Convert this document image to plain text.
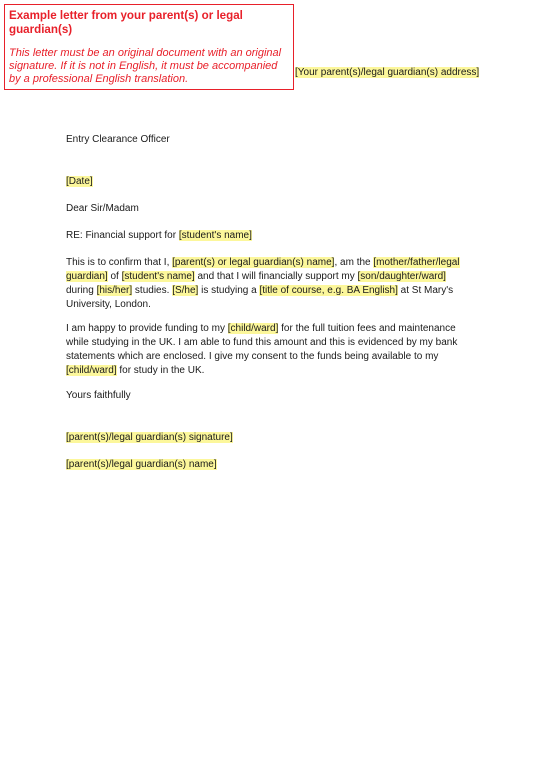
Example letter from your parent(s) or legal guardian(s)
This letter must be an original document with an original signature. If it is not in English, it must be accompanied by a professional English translation.
[Your parent(s)/legal guardian(s) address]
Entry Clearance Officer
[Date]
Dear Sir/Madam
RE: Financial support for [student's name]
This is to confirm that I, [parent(s) or legal guardian(s) name], am the [mother/father/legal guardian] of [student's name] and that I will financially support my [son/daughter/ward] during [his/her] studies. [S/he] is studying a [title of course, e.g. BA English] at St Mary's University, London.
I am happy to provide funding to my [child/ward] for the full tuition fees and maintenance while studying in the UK. I am able to fund this amount and this is evidenced by my bank statements which are enclosed. I give my consent to the funds being available to my [child/ward] for study in the UK.
Yours faithfully
[parent(s)/legal guardian(s) signature]
[parent(s)/legal guardian(s) name]
